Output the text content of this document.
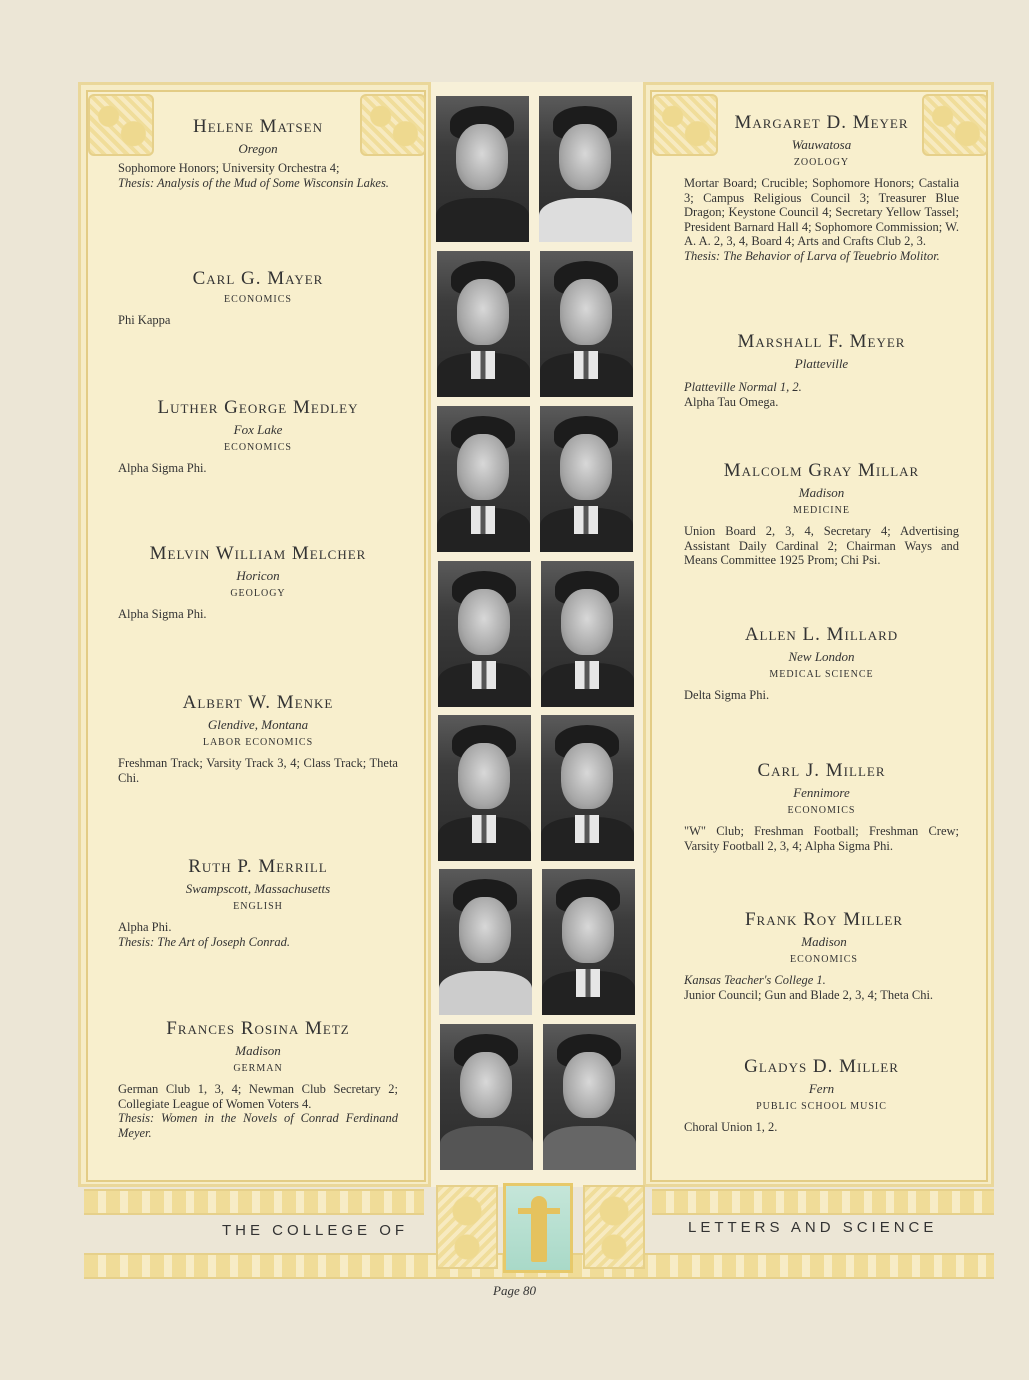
Helene Matsen
Oregon
Sophomore Honors; University Orchestra 4;
Thesis: Analysis of the Mud of Some Wisconsin Lakes.
Carl G. Mayer
ECONOMICS
Phi Kappa
Luther George Medley
Fox Lake
ECONOMICS
Alpha Sigma Phi.
Melvin William Melcher
Horicon
GEOLOGY
Alpha Sigma Phi.
Albert W. Menke
Glendive, Montana
LABOR ECONOMICS
Freshman Track; Varsity Track 3, 4; Class Track; Theta Chi.
Ruth P. Merrill
Swampscott, Massachusetts
ENGLISH
Alpha Phi.
Thesis: The Art of Joseph Conrad.
Frances Rosina Metz
Madison
GERMAN
German Club 1, 3, 4; Newman Club Secretary 2; Collegiate League of Women Voters 4.
Thesis: Women in the Novels of Conrad Ferdinand Meyer.
Margaret D. Meyer
Wauwatosa
ZOOLOGY
Mortar Board; Crucible; Sophomore Honors; Castalia 3; Campus Religious Council 3; Treasurer Blue Dragon; Keystone Council 4; Secretary Yellow Tassel; President Barnard Hall 4; Sophomore Commission; W. A. A. 2, 3, 4, Board 4; Arts and Crafts Club 2, 3.
Thesis: The Behavior of Larva of Teuebrio Molitor.
Marshall F. Meyer
Platteville
Platteville Normal 1, 2.
Alpha Tau Omega.
Malcolm Gray Millar
Madison
MEDICINE
Union Board 2, 3, 4, Secretary 4; Advertising Assistant Daily Cardinal 2; Chairman Ways and Means Committee 1925 Prom; Chi Psi.
Allen L. Millard
New London
MEDICAL SCIENCE
Delta Sigma Phi.
Carl J. Miller
Fennimore
ECONOMICS
"W" Club; Freshman Football; Freshman Crew; Varsity Football 2, 3, 4; Alpha Sigma Phi.
Frank Roy Miller
Madison
ECONOMICS
Kansas Teacher's College 1.
Junior Council; Gun and Blade 2, 3, 4; Theta Chi.
Gladys D. Miller
Fern
PUBLIC SCHOOL MUSIC
Choral Union 1, 2.
THE COLLEGE OF	LETTERS AND SCIENCE
Page 80
